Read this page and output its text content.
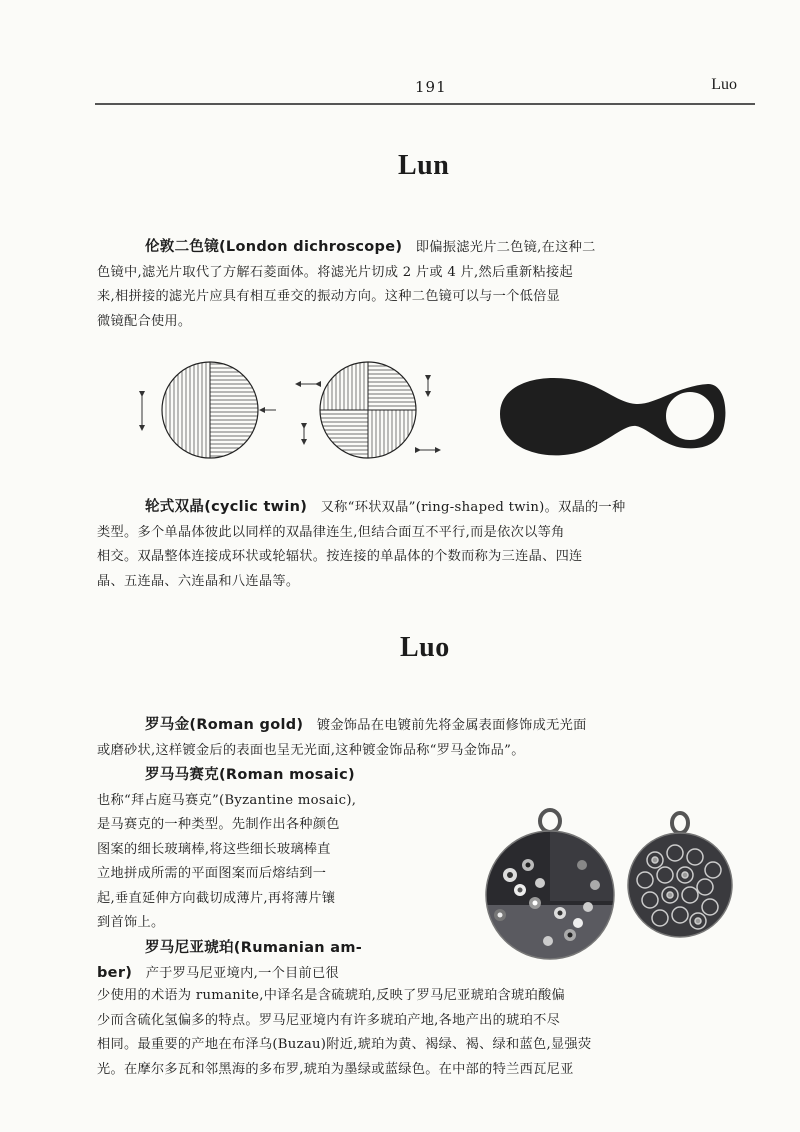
191	Luo
Lun
伦敦二色镜(London dichroscope) 即偏振滤光片二色镜,在这种二
色镜中,滤光片取代了方解石菱面体。将滤光片切成 2 片或 4 片,然后重新粘接起
来,相拼接的滤光片应具有相互垂交的振动方向。这种二色镜可以与一个低倍显
微镜配合使用。
轮式双晶(cyclic twin) 又称“环状双晶”(ring-shaped twin)。双晶的一种
类型。多个单晶体彼此以同样的双晶律连生,但结合面互不平行,而是依次以等角
相交。双晶整体连接成环状或轮辐状。按连接的单晶体的个数而称为三连晶、四连
晶、五连晶、六连晶和八连晶等。
Luo
罗马金(Roman gold) 镀金饰品在电镀前先将金属表面修饰成无光面
或磨砂状,这样镀金后的表面也呈无光面,这种镀金饰品称“罗马金饰品”。
罗马马赛克(Roman mosaic)
也称“拜占庭马赛克”(Byzantine mosaic),
是马赛克的一种类型。先制作出各种颜色
图案的细长玻璃棒,将这些细长玻璃棒直
立地拼成所需的平面图案而后熔结到一
起,垂直延伸方向截切成薄片,再将薄片镶
到首饰上。
罗马尼亚琥珀(Rumanian am-
ber) 产于罗马尼亚境内,一个目前已很
少使用的术语为 rumanite,中译名是含硫琥珀,反映了罗马尼亚琥珀含琥珀酸偏
少而含硫化氢偏多的特点。罗马尼亚境内有许多琥珀产地,各地产出的琥珀不尽
相同。最重要的产地在布泽乌(Buzau)附近,琥珀为黄、褐绿、褐、绿和蓝色,显强荧
光。在摩尔多瓦和邻黑海的多布罗,琥珀为墨绿或蓝绿色。在中部的特兰西瓦尼亚
